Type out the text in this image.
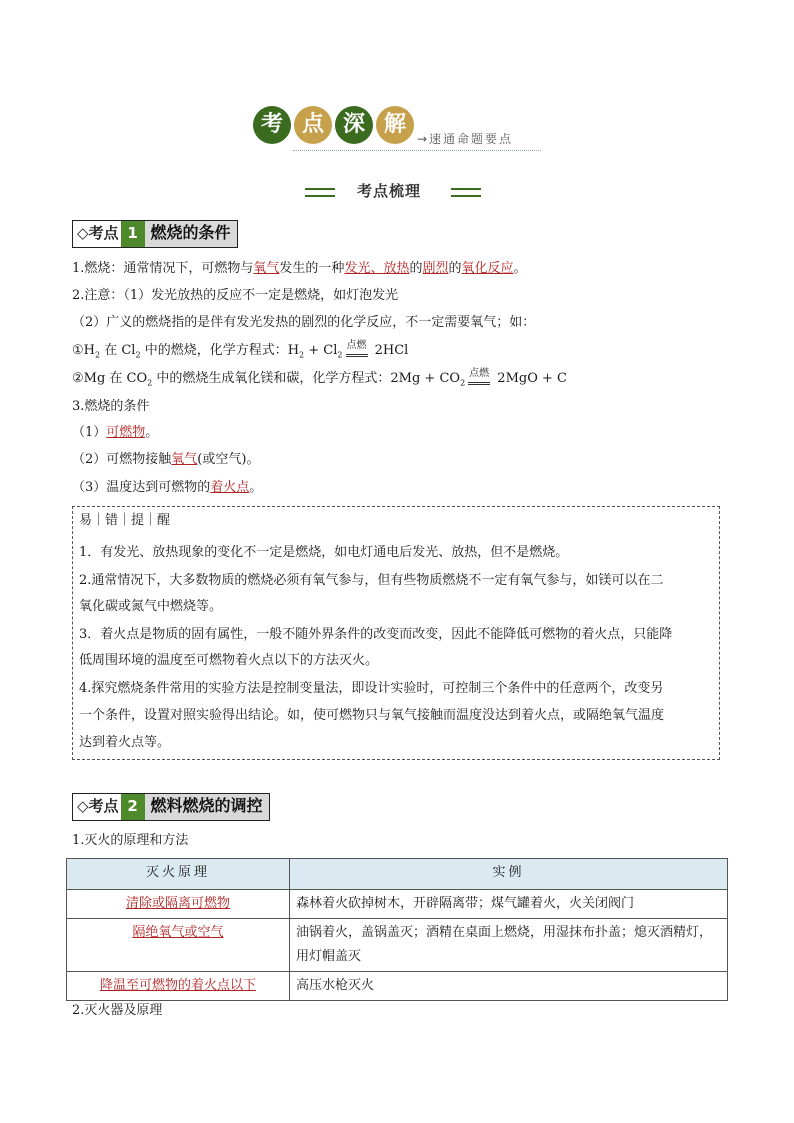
考 点 深 解
→速通命题要点
考点梳理
◇考点 1 燃烧的条件
1.燃烧：通常情况下，可燃物与氧气发生的一种发光、放热的剧烈的氧化反应。
2.注意：（1）发光放热的反应不一定是燃烧，如灯泡发光
（2）广义的燃烧指的是伴有发光发热的剧烈的化学反应，不一定需要氧气；如：
$①H_2$ 在 $Cl_2$ 中的燃烧，化学方程式：$H_2 + Cl_2$
点燃 2HCl
②Mg 在 $CO_2$ 中的燃烧生成氧化镁和碳，化学方程式：$2Mg + CO_2$
点燃 2MgO + C
3.燃烧的条件
（1）可燃物。
（2）可燃物接触氧气(或空气)。
（3）温度达到可燃物的着火点。
易｜错｜提｜醒
1．有发光、放热现象的变化不一定是燃烧，如电灯通电后发光、放热，但不是燃烧。
2.通常情况下，大多数物质的燃烧必须有氧气参与，但有些物质燃烧不一定有氧气参与，如镁可以在二
氧化碳或氮气中燃烧等。
3．着火点是物质的固有属性，一般不随外界条件的改变而改变，因此不能降低可燃物的着火点，只能降
低周围环境的温度至可燃物着火点以下的方法灭火。
4.探究燃烧条件常用的实验方法是控制变量法，即设计实验时，可控制三个条件中的任意两个，改变另
一个条件，设置对照实验得出结论。如，使可燃物只与氧气接触而温度没达到着火点，或隔绝氧气温度
达到着火点等。
◇考点 2 燃料燃烧的调控
1.灭火的原理和方法
灭火原理	实例
清除或隔离可燃物	森林着火砍掉树木，开辟隔离带；煤气罐着火，火关闭阀门
隔绝氧气或空气	油锅着火，盖锅盖灭；酒精在桌面上燃烧，用湿抹布扑盖；熄灭酒精灯，用灯帽盖灭
降温至可燃物的着火点以下	高压水枪灭火
2.灭火器及原理
